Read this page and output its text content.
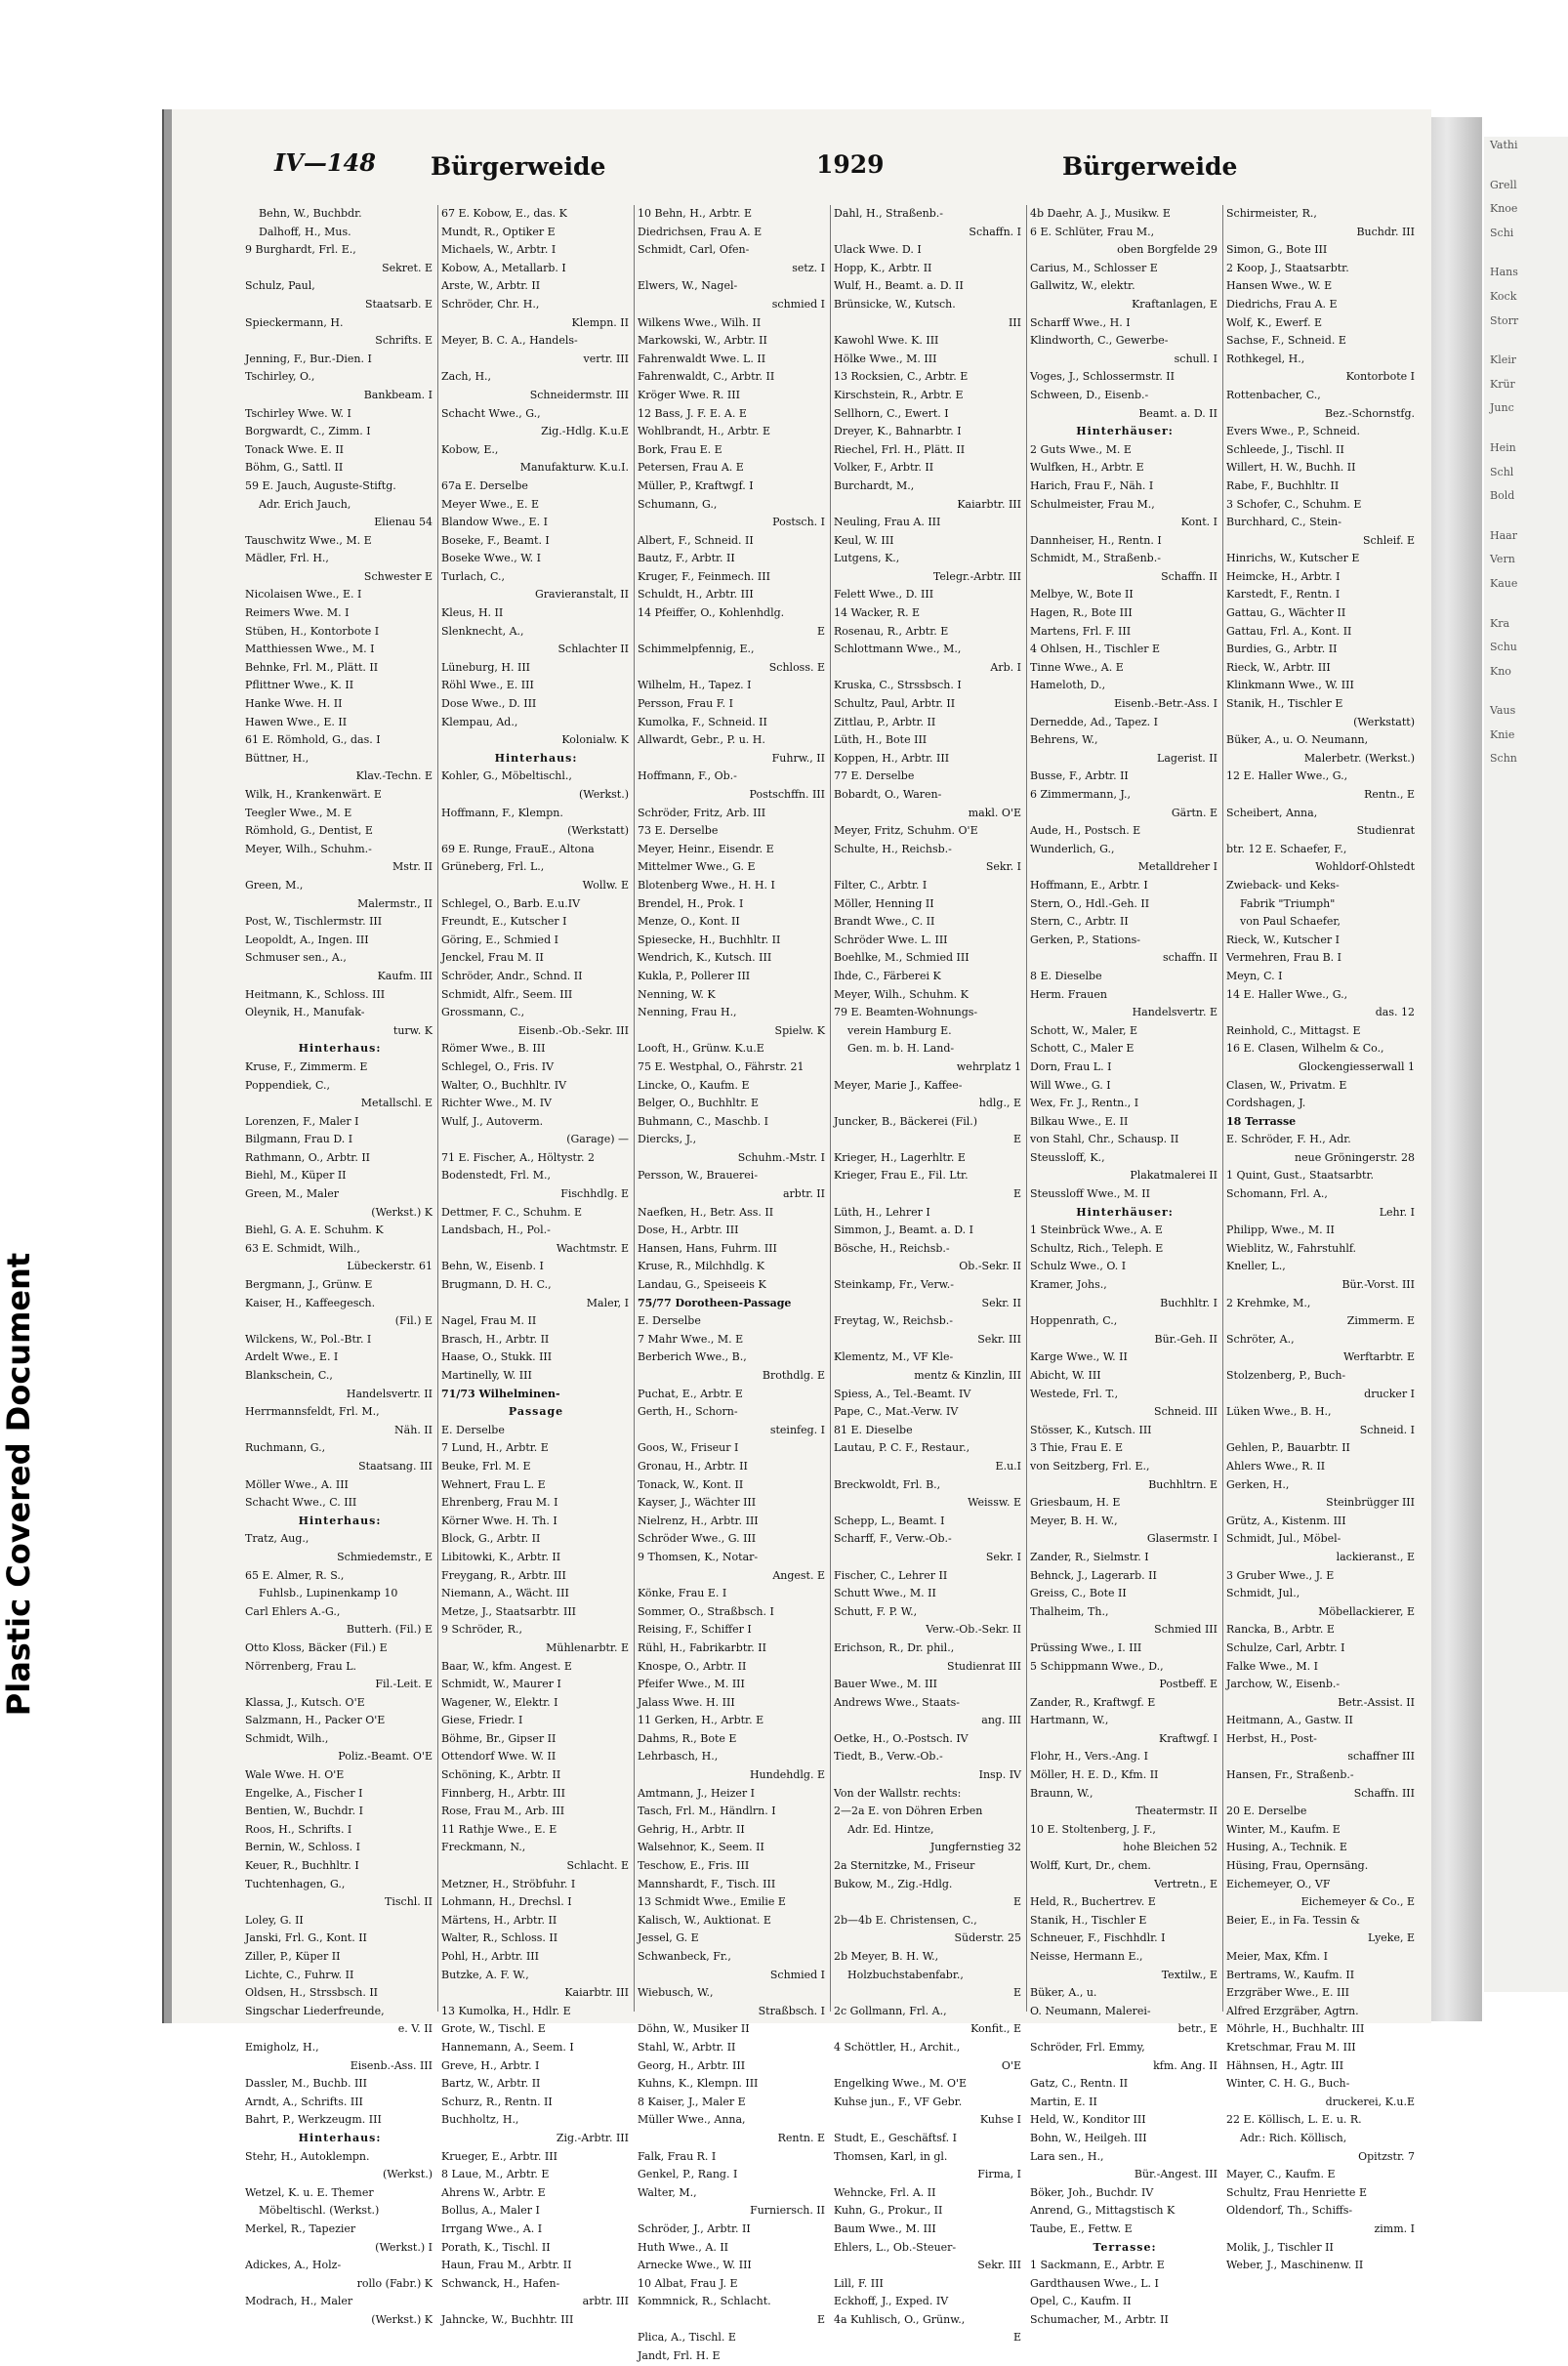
Plastic Covered Document
Vathi
Grell
Knoe
Schi
Hans
Kock
Storr
Kleir
Krür
Junc
Hein
Schl
Bold
Haar
Vern
Kaue
Kra
Schu
Kno
Vaus
Knie
Schn
IV—148 Bürgerweide	1929	Bürgerweide
Behn, W., Buchbdr.
Dalhoff, H., Mus.
9 Burghardt, Frl. E.,
Sekret. E
Schulz, Paul,
Staatsarb. E
Spieckermann, H.
Schrifts. E
Jenning, F., Bur.-Dien. I
Tschirley, O.,
Bankbeam. I
Tschirley Wwe. W. I
Borgwardt, C., Zimm. I
Tonack Wwe. E. II
Böhm, G., Sattl. II
59 E. Jauch, Auguste-Stiftg.
Adr. Erich Jauch,
Elienau 54
Tauschwitz Wwe., M. E
Mädler, Frl. H.,
Schwester E
Nicolaisen Wwe., E. I
Reimers Wwe. M. I
Stüben, H., Kontorbote I
Matthiessen Wwe., M. I
Behnke, Frl. M., Plätt. II
Pflittner Wwe., K. II
Hanke Wwe. H. II
Hawen Wwe., E. II
61 E. Römhold, G., das. I
Büttner, H.,
Klav.-Techn. E
Wilk, H., Krankenwärt. E
Teegler Wwe., M. E
Römhold, G., Dentist, E
Meyer, Wilh., Schuhm.-
Mstr. II
Green, M.,
Malermstr., II
Post, W., Tischlermstr. III
Leopoldt, A., Ingen. III
Schmuser sen., A.,
Kaufm. III
Heitmann, K., Schloss. III
Oleynik, H., Manufak-
turw. K
Hinterhaus:
Kruse, F., Zimmerm. E
Poppendiek, C.,
Metallschl. E
Lorenzen, F., Maler I
Bilgmann, Frau D. I
Rathmann, O., Arbtr. II
Biehl, M., Küper II
Green, M., Maler
(Werkst.) K
Biehl, G. A. E. Schuhm. K
63 E. Schmidt, Wilh.,
Lübeckerstr. 61
Bergmann, J., Grünw. E
Kaiser, H., Kaffeegesch.
(Fil.) E
Wilckens, W., Pol.-Btr. I
Ardelt Wwe., E. I
Blankschein, C.,
Handelsvertr. II
Herrmannsfeldt, Frl. M.,
Näh. II
Ruchmann, G.,
Staatsang. III
Möller Wwe., A. III
Schacht Wwe., C. III
Hinterhaus:
Tratz, Aug.,
Schmiedemstr., E
65 E. Almer, R. S.,
Fuhlsb., Lupinenkamp 10
Carl Ehlers A.-G.,
Butterh. (Fil.) E
Otto Kloss, Bäcker (Fil.) E
Nörrenberg, Frau L.
Fil.-Leit. E
Klassa, J., Kutsch. O'E
Salzmann, H., Packer O'E
Schmidt, Wilh.,
Poliz.-Beamt. O'E
Wale Wwe. H. O'E
Engelke, A., Fischer I
Bentien, W., Buchdr. I
Roos, H., Schrifts. I
Bernin, W., Schloss. I
Keuer, R., Buchhltr. I
Tuchtenhagen, G.,
Tischl. II
Loley, G. II
Janski, Frl. G., Kont. II
Ziller, P., Küper II
Lichte, C., Fuhrw. II
Oldsen, H., Strssbsch. II
Singschar Liederfreunde,
e. V. II
Emigholz, H.,
Eisenb.-Ass. III
Dassler, M., Buchb. III
Arndt, A., Schrifts. III
Bahrt, P., Werkzeugm. III
Hinterhaus:
Stehr, H., Autoklempn.
(Werkst.)
Wetzel, K. u. E. Themer
Möbeltischl. (Werkst.)
Merkel, R., Tapezier
(Werkst.) I
Adickes, A., Holz-
rollo (Fabr.) K
Modrach, H., Maler
(Werkst.) K
67 E. Kobow, E., das. K
Mundt, R., Optiker E
Michaels, W., Arbtr. I
Kobow, A., Metallarb. I
Arste, W., Arbtr. II
Schröder, Chr. H.,
Klempn. II
Meyer, B. C. A., Handels-
vertr. III
Zach, H.,
Schneidermstr. III
Schacht Wwe., G.,
Zig.-Hdlg. K.u.E
Kobow, E.,
Manufakturw. K.u.I.
67a E. Derselbe
Meyer Wwe., E. E
Blandow Wwe., E. I
Boseke, F., Beamt. I
Boseke Wwe., W. I
Turlach, C.,
Gravieranstalt, II
Kleus, H. II
Slenknecht, A.,
Schlachter II
Lüneburg, H. III
Röhl Wwe., E. III
Dose Wwe., D. III
Klempau, Ad.,
Kolonialw. K
Hinterhaus:
Kohler, G., Möbeltischl.,
(Werkst.)
Hoffmann, F., Klempn.
(Werkstatt)
69 E. Runge, FrauE., Altona
Grüneberg, Frl. L.,
Wollw. E
Schlegel, O., Barb. E.u.IV
Freundt, E., Kutscher I
Göring, E., Schmied I
Jenckel, Frau M. II
Schröder, Andr., Schnd. II
Schmidt, Alfr., Seem. III
Grossmann, C.,
Eisenb.-Ob.-Sekr. III
Römer Wwe., B. III
Schlegel, O., Fris. IV
Walter, O., Buchhltr. IV
Richter Wwe., M. IV
Wulf, J., Autoverm.
(Garage) —
71 E. Fischer, A., Höltystr. 2
Bodenstedt, Frl. M.,
Fischhdlg. E
Dettmer, F. C., Schuhm. E
Landsbach, H., Pol.-
Wachtmstr. E
Behn, W., Eisenb. I
Brugmann, D. H. C.,
Maler, I
Nagel, Frau M. II
Brasch, H., Arbtr. II
Haase, O., Stukk. III
Martinelly, W. III
71/73 Wilhelminen-
Passage
E. Derselbe
7 Lund, H., Arbtr. E
Beuke, Frl. M. E
Wehnert, Frau L. E
Ehrenberg, Frau M. I
Körner Wwe. H. Th. I
Block, G., Arbtr. II
Libitowki, K., Arbtr. II
Freygang, R., Arbtr. III
Niemann, A., Wächt. III
Metze, J., Staatsarbtr. III
9 Schröder, R.,
Mühlenarbtr. E
Baar, W., kfm. Angest. E
Schmidt, W., Maurer I
Wagener, W., Elektr. I
Giese, Friedr. I
Böhme, Br., Gipser II
Ottendorf Wwe. W. II
Schöning, K., Arbtr. II
Finnberg, H., Arbtr. III
Rose, Frau M., Arb. III
11 Rathje Wwe., E. E
Freckmann, N.,
Schlacht. E
Metzner, H., Ströbfuhr. I
Lohmann, H., Drechsl. I
Märtens, H., Arbtr. II
Walter, R., Schloss. II
Pohl, H., Arbtr. III
Butzke, A. F. W.,
Kaiarbtr. III
13 Kumolka, H., Hdlr. E
Grote, W., Tischl. E
Hannemann, A., Seem. I
Greve, H., Arbtr. I
Bartz, W., Arbtr. II
Schurz, R., Rentn. II
Buchholtz, H.,
Zig.-Arbtr. III
Krueger, E., Arbtr. III
8 Laue, M., Arbtr. E
Ahrens W., Arbtr. E
Bollus, A., Maler I
Irrgang Wwe., A. I
Porath, K., Tischl. II
Haun, Frau M., Arbtr. II
Schwanck, H., Hafen-
arbtr. III
Jahncke, W., Buchhtr. III
10 Behn, H., Arbtr. E
Diedrichsen, Frau A. E
Schmidt, Carl, Ofen-
setz. I
Elwers, W., Nagel-
schmied I
Wilkens Wwe., Wilh. II
Markowski, W., Arbtr. II
Fahrenwaldt Wwe. L. II
Fahrenwaldt, C., Arbtr. II
Kröger Wwe. R. III
12 Bass, J. F. E. A. E
Wohlbrandt, H., Arbtr. E
Bork, Frau E. E
Petersen, Frau A. E
Müller, P., Kraftwgf. I
Schumann, G.,
Postsch. I
Albert, F., Schneid. II
Bautz, F., Arbtr. II
Kruger, F., Feinmech. III
Schuldt, H., Arbtr. III
14 Pfeiffer, O., Kohlenhdlg.
E
Schimmelpfennig, E.,
Schloss. E
Wilhelm, H., Tapez. I
Persson, Frau F. I
Kumolka, F., Schneid. II
Allwardt, Gebr., P. u. H.
Fuhrw., II
Hoffmann, F., Ob.-
Postschffn. III
Schröder, Fritz, Arb. III
73 E. Derselbe
Meyer, Heinr., Eisendr. E
Mittelmer Wwe., G. E
Blotenberg Wwe., H. H. I
Brendel, H., Prok. I
Menze, O., Kont. II
Spiesecke, H., Buchhltr. II
Wendrich, K., Kutsch. III
Kukla, P., Pollerer III
Nenning, W. K
Nenning, Frau H.,
Spielw. K
Looft, H., Grünw. K.u.E
75 E. Westphal, O., Fährstr. 21
Lincke, O., Kaufm. E
Belger, O., Buchhltr. E
Buhmann, C., Maschb. I
Diercks, J.,
Schuhm.-Mstr. I
Persson, W., Brauerei-
arbtr. II
Naefken, H., Betr. Ass. II
Dose, H., Arbtr. III
Hansen, Hans, Fuhrm. III
Kruse, R., Milchhdlg. K
Landau, G., Speiseeis K
75/77 Dorotheen-Passage
E. Derselbe
7 Mahr Wwe., M. E
Berberich Wwe., B.,
Brothdlg. E
Puchat, E., Arbtr. E
Gerth, H., Schorn-
steinfeg. I
Goos, W., Friseur I
Gronau, H., Arbtr. II
Tonack, W., Kont. II
Kayser, J., Wächter III
Nielrenz, H., Arbtr. III
Schröder Wwe., G. III
9 Thomsen, K., Notar-
Angest. E
Könke, Frau E. I
Sommer, O., Straßbsch. I
Reising, F., Schiffer I
Rühl, H., Fabrikarbtr. II
Knospe, O., Arbtr. II
Pfeifer Wwe., M. III
Jalass Wwe. H. III
11 Gerken, H., Arbtr. E
Dahms, R., Bote E
Lehrbasch, H.,
Hundehdlg. E
Amtmann, J., Heizer I
Tasch, Frl. M., Händlrn. I
Gehrig, H., Arbtr. II
Walsehnor, K., Seem. II
Teschow, E., Fris. III
Mannshardt, F., Tisch. III
13 Schmidt Wwe., Emilie E
Kalisch, W., Auktionat. E
Jessel, G. E
Schwanbeck, Fr.,
Schmied I
Wiebusch, W.,
Straßbsch. I
Döhn, W., Musiker II
Stahl, W., Arbtr. II
Georg, H., Arbtr. III
Kuhns, K., Klempn. III
8 Kaiser, J., Maler E
Müller Wwe., Anna,
Rentn. E
Falk, Frau R. I
Genkel, P., Rang. I
Walter, M.,
Furniersch. II
Schröder, J., Arbtr. II
Huth Wwe., A. II
Arnecke Wwe., W. III
10 Albat, Frau J. E
Kommnick, R., Schlacht.
E
Plica, A., Tischl. E
Jandt, Frl. H. E
Dahl, H., Straßenb.-
Schaffn. I
Ulack Wwe. D. I
Hopp, K., Arbtr. II
Wulf, H., Beamt. a. D. II
Brünsicke, W., Kutsch.
III
Kawohl Wwe. K. III
Hölke Wwe., M. III
13 Rocksien, C., Arbtr. E
Kirschstein, R., Arbtr. E
Sellhorn, C., Ewert. I
Dreyer, K., Bahnarbtr. I
Riechel, Frl. H., Plätt. II
Volker, F., Arbtr. II
Burchardt, M.,
Kaiarbtr. III
Neuling, Frau A. III
Keul, W. III
Lutgens, K.,
Telegr.-Arbtr. III
Felett Wwe., D. III
14 Wacker, R. E
Rosenau, R., Arbtr. E
Schlottmann Wwe., M.,
Arb. I
Kruska, C., Strssbsch. I
Schultz, Paul, Arbtr. II
Zittlau, P., Arbtr. II
Lüth, H., Bote III
Koppen, H., Arbtr. III
77 E. Derselbe
Bobardt, O., Waren-
makl. O'E
Meyer, Fritz, Schuhm. O'E
Schulte, H., Reichsb.-
Sekr. I
Filter, C., Arbtr. I
Möller, Henning II
Brandt Wwe., C. II
Schröder Wwe. L. III
Boehlke, M., Schmied III
Ihde, C., Färberei K
Meyer, Wilh., Schuhm. K
79 E. Beamten-Wohnungs-
verein Hamburg E.
Gen. m. b. H. Land-
wehrplatz 1
Meyer, Marie J., Kaffee-
hdlg., E
Juncker, B., Bäckerei (Fil.)
E
Krieger, H., Lagerhltr. E
Krieger, Frau E., Fil. Ltr.
E
Lüth, H., Lehrer I
Simmon, J., Beamt. a. D. I
Bösche, H., Reichsb.-
Ob.-Sekr. II
Steinkamp, Fr., Verw.-
Sekr. II
Freytag, W., Reichsb.-
Sekr. III
Klementz, M., VF Kle-
mentz & Kinzlin, III
Spiess, A., Tel.-Beamt. IV
Pape, C., Mat.-Verw. IV
81 E. Dieselbe
Lautau, P. C. F., Restaur.,
E.u.I
Breckwoldt, Frl. B.,
Weissw. E
Schepp, L., Beamt. I
Scharff, F., Verw.-Ob.-
Sekr. I
Fischer, C., Lehrer II
Schutt Wwe., M. II
Schutt, F. P. W.,
Verw.-Ob.-Sekr. II
Erichson, R., Dr. phil.,
Studienrat III
Bauer Wwe., M. III
Andrews Wwe., Staats-
ang. III
Oetke, H., O.-Postsch. IV
Tiedt, B., Verw.-Ob.-
Insp. IV
Von der Wallstr. rechts:
2—2a E. von Döhren Erben
Adr. Ed. Hintze,
Jungfernstieg 32
2a Sternitzke, M., Friseur
Bukow, M., Zig.-Hdlg.
E
2b—4b E. Christensen, C.,
Süderstr. 25
2b Meyer, B. H. W.,
Holzbuchstabenfabr.,
E
2c Gollmann, Frl. A.,
Konfit., E
4 Schöttler, H., Archit.,
O'E
Engelking Wwe., M. O'E
Kuhse jun., F., VF Gebr.
Kuhse I
Studt, E., Geschäftsf. I
Thomsen, Karl, in gl.
Firma, I
Wehncke, Frl. A. II
Kuhn, G., Prokur., II
Baum Wwe., M. III
Ehlers, L., Ob.-Steuer-
Sekr. III
Lill, F. III
Eckhoff, J., Exped. IV
4a Kuhlisch, O., Grünw.,
E
4b Daehr, A. J., Musikw. E
6 E. Schlüter, Frau M.,
oben Borgfelde 29
Carius, M., Schlosser E
Gallwitz, W., elektr.
Kraftanlagen, E
Scharff Wwe., H. I
Klindworth, C., Gewerbe-
schull. I
Voges, J., Schlossermstr. II
Schween, D., Eisenb.-
Beamt. a. D. II
Hinterhäuser:
2 Guts Wwe., M. E
Wulfken, H., Arbtr. E
Harich, Frau F., Näh. I
Schulmeister, Frau M.,
Kont. I
Dannheiser, H., Rentn. I
Schmidt, M., Straßenb.-
Schaffn. II
Melbye, W., Bote II
Hagen, R., Bote III
Martens, Frl. F. III
4 Ohlsen, H., Tischler E
Tinne Wwe., A. E
Hameloth, D.,
Eisenb.-Betr.-Ass. I
Dernedde, Ad., Tapez. I
Behrens, W.,
Lagerist. II
Busse, F., Arbtr. II
6 Zimmermann, J.,
Gärtn. E
Aude, H., Postsch. E
Wunderlich, G.,
Metalldreher I
Hoffmann, E., Arbtr. I
Stern, O., Hdl.-Geh. II
Stern, C., Arbtr. II
Gerken, P., Stations-
schaffn. II
8 E. Dieselbe
Herm. Frauen
Handelsvertr. E
Schott, W., Maler, E
Schott, C., Maler E
Dorn, Frau L. I
Will Wwe., G. I
Wex, Fr. J., Rentn., I
Bilkau Wwe., E. II
von Stahl, Chr., Schausp. II
Steussloff, K.,
Plakatmalerei II
Steussloff Wwe., M. II
Hinterhäuser:
1 Steinbrück Wwe., A. E
Schultz, Rich., Teleph. E
Schulz Wwe., O. I
Kramer, Johs.,
Buchhltr. I
Hoppenrath, C.,
Bür.-Geh. II
Karge Wwe., W. II
Abicht, W. III
Westede, Frl. T.,
Schneid. III
Stösser, K., Kutsch. III
3 Thie, Frau E. E
von Seitzberg, Frl. E.,
Buchhltrn. E
Griesbaum, H. E
Meyer, B. H. W.,
Glasermstr. I
Zander, R., Sielmstr. I
Behnck, J., Lagerarb. II
Greiss, C., Bote II
Thalheim, Th.,
Schmied III
Prüssing Wwe., I. III
5 Schippmann Wwe., D.,
Postbeff. E
Zander, R., Kraftwgf. E
Hartmann, W.,
Kraftwgf. I
Flohr, H., Vers.-Ang. I
Möller, H. E. D., Kfm. II
Braunn, W.,
Theatermstr. II
10 E. Stoltenberg, J. F.,
hohe Bleichen 52
Wolff, Kurt, Dr., chem.
Vertretn., E
Held, R., Buchertrev. E
Stanik, H., Tischler E
Schneuer, F., Fischhdlr. I
Neisse, Hermann E.,
Textilw., E
Büker, A., u.
O. Neumann, Malerei-
betr., E
Schröder, Frl. Emmy,
kfm. Ang. II
Gatz, C., Rentn. II
Martin, E. II
Held, W., Konditor III
Bohn, W., Heilgeh. III
Lara sen., H.,
Bür.-Angest. III
Böker, Joh., Buchdr. IV
Anrend, G., Mittagstisch K
Taube, E., Fettw. E
Terrasse:
1 Sackmann, E., Arbtr. E
Gardthausen Wwe., L. I
Opel, C., Kaufm. II
Schumacher, M., Arbtr. II
Schirmeister, R.,
Buchdr. III
Simon, G., Bote III
2 Koop, J., Staatsarbtr.
Hansen Wwe., W. E
Diedrichs, Frau A. E
Wolf, K., Ewerf. E
Sachse, F., Schneid. E
Rothkegel, H.,
Kontorbote I
Rottenbacher, C.,
Bez.-Schornstfg.
Evers Wwe., P., Schneid.
Schleede, J., Tischl. II
Willert, H. W., Buchh. II
Rabe, F., Buchhltr. II
3 Schofer, C., Schuhm. E
Burchhard, C., Stein-
Schleif. E
Hinrichs, W., Kutscher E
Heimcke, H., Arbtr. I
Karstedt, F., Rentn. I
Gattau, G., Wächter II
Gattau, Frl. A., Kont. II
Burdies, G., Arbtr. II
Rieck, W., Arbtr. III
Klinkmann Wwe., W. III
Stanik, H., Tischler E
(Werkstatt)
Büker, A., u. O. Neumann,
Malerbetr. (Werkst.)
12 E. Haller Wwe., G.,
Rentn., E
Scheibert, Anna,
Studienrat
btr. 12 E. Schaefer, F.,
Wohldorf-Ohlstedt
Zwieback- und Keks-
Fabrik "Triumph"
von Paul Schaefer,
Rieck, W., Kutscher I
Vermehren, Frau B. I
Meyn, C. I
14 E. Haller Wwe., G.,
das. 12
Reinhold, C., Mittagst. E
16 E. Clasen, Wilhelm & Co.,
Glockengiesserwall 1
Clasen, W., Privatm. E
Cordshagen, J.
18 Terrasse
E. Schröder, F. H., Adr.
neue Gröningerstr. 28
1 Quint, Gust., Staatsarbtr.
Schomann, Frl. A.,
Lehr. I
Philipp, Wwe., M. II
Wieblitz, W., Fahrstuhlf.
Kneller, L.,
Bür.-Vorst. III
2 Krehmke, M.,
Zimmerm. E
Schröter, A.,
Werftarbtr. E
Stolzenberg, P., Buch-
drucker I
Lüken Wwe., B. H.,
Schneid. I
Gehlen, P., Bauarbtr. II
Ahlers Wwe., R. II
Gerken, H.,
Steinbrügger III
Grütz, A., Kistenm. III
Schmidt, Jul., Möbel-
lackieranst., E
3 Gruber Wwe., J. E
Schmidt, Jul.,
Möbellackierer, E
Rancka, B., Arbtr. E
Schulze, Carl, Arbtr. I
Falke Wwe., M. I
Jarchow, W., Eisenb.-
Betr.-Assist. II
Heitmann, A., Gastw. II
Herbst, H., Post-
schaffner III
Hansen, Fr., Straßenb.-
Schaffn. III
20 E. Derselbe
Winter, M., Kaufm. E
Husing, A., Technik. E
Hüsing, Frau, Opernsäng.
Eichemeyer, O., VF
Eichemeyer & Co., E
Beier, E., in Fa. Tessin &
Lyeke, E
Meier, Max, Kfm. I
Bertrams, W., Kaufm. II
Erzgräber Wwe., E. III
Alfred Erzgräber, Agtrn.
Möhrle, H., Buchhaltr. III
Kretschmar, Frau M. III
Hähnsen, H., Agtr. III
Winter, C. H. G., Buch-
druckerei, K.u.E
22 E. Köllisch, L. E. u. R.
Adr.: Rich. Köllisch,
Opitzstr. 7
Mayer, C., Kaufm. E
Schultz, Frau Henriette E
Oldendorf, Th., Schiffs-
zimm. I
Molik, J., Tischler II
Weber, J., Maschinenw. II
